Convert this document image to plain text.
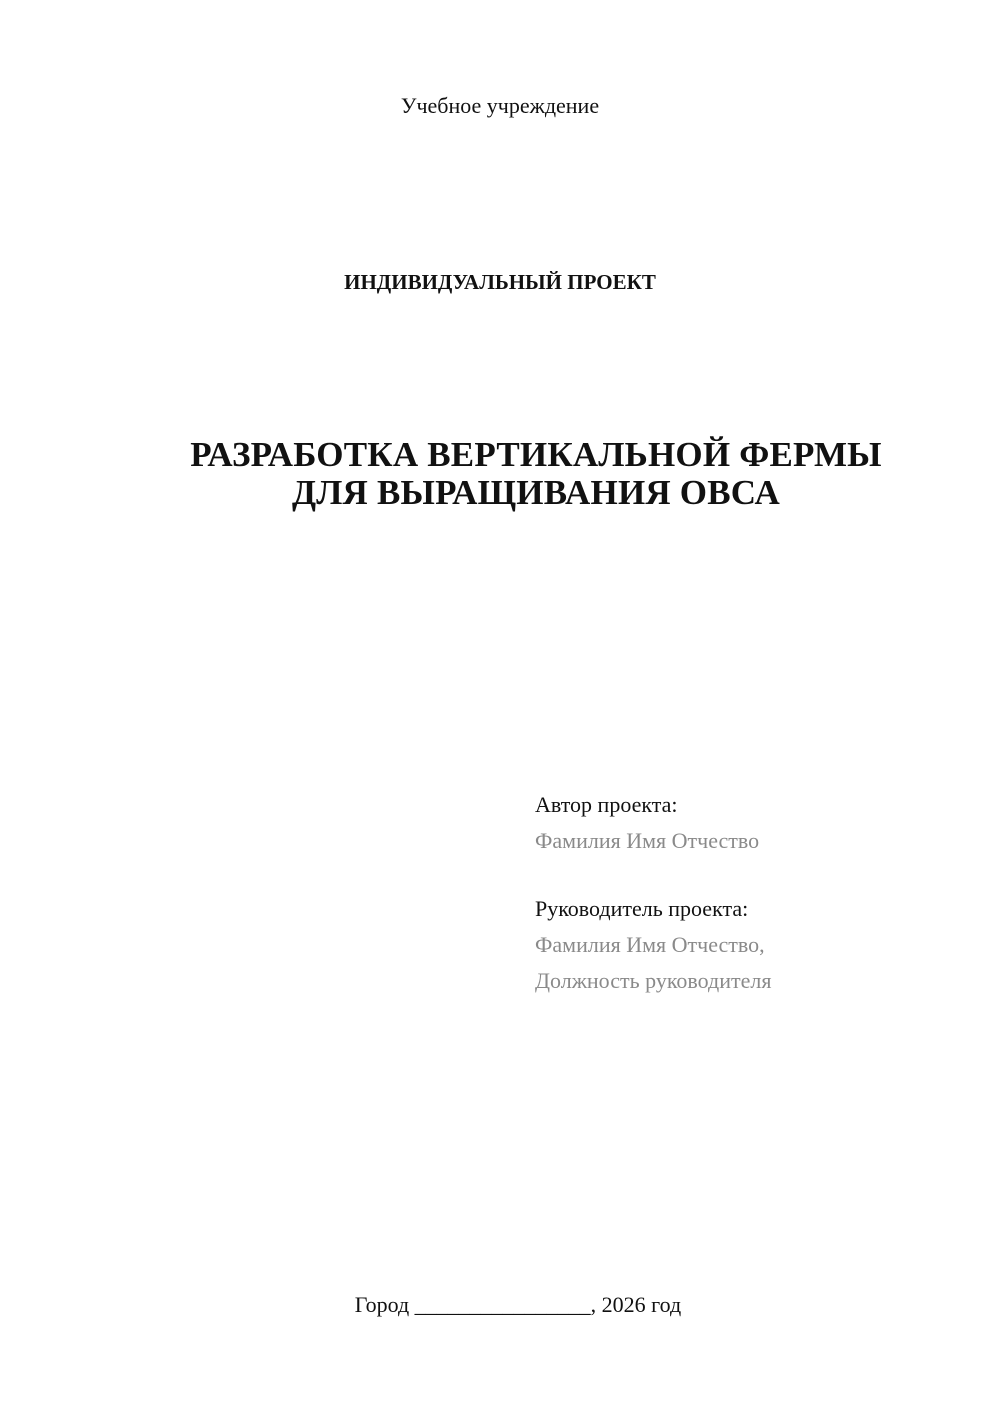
Учебное учреждение
ИНДИВИДУАЛЬНЫЙ ПРОЕКТ
РАЗРАБОТКА ВЕРТИКАЛЬНОЙ ФЕРМЫ
ДЛЯ ВЫРАЩИВАНИЯ ОВСА
Автор проекта:
Фамилия Имя Отчество
Руководитель проекта:
Фамилия Имя Отчество,
Должность руководителя
Город ________________, 2026 год
